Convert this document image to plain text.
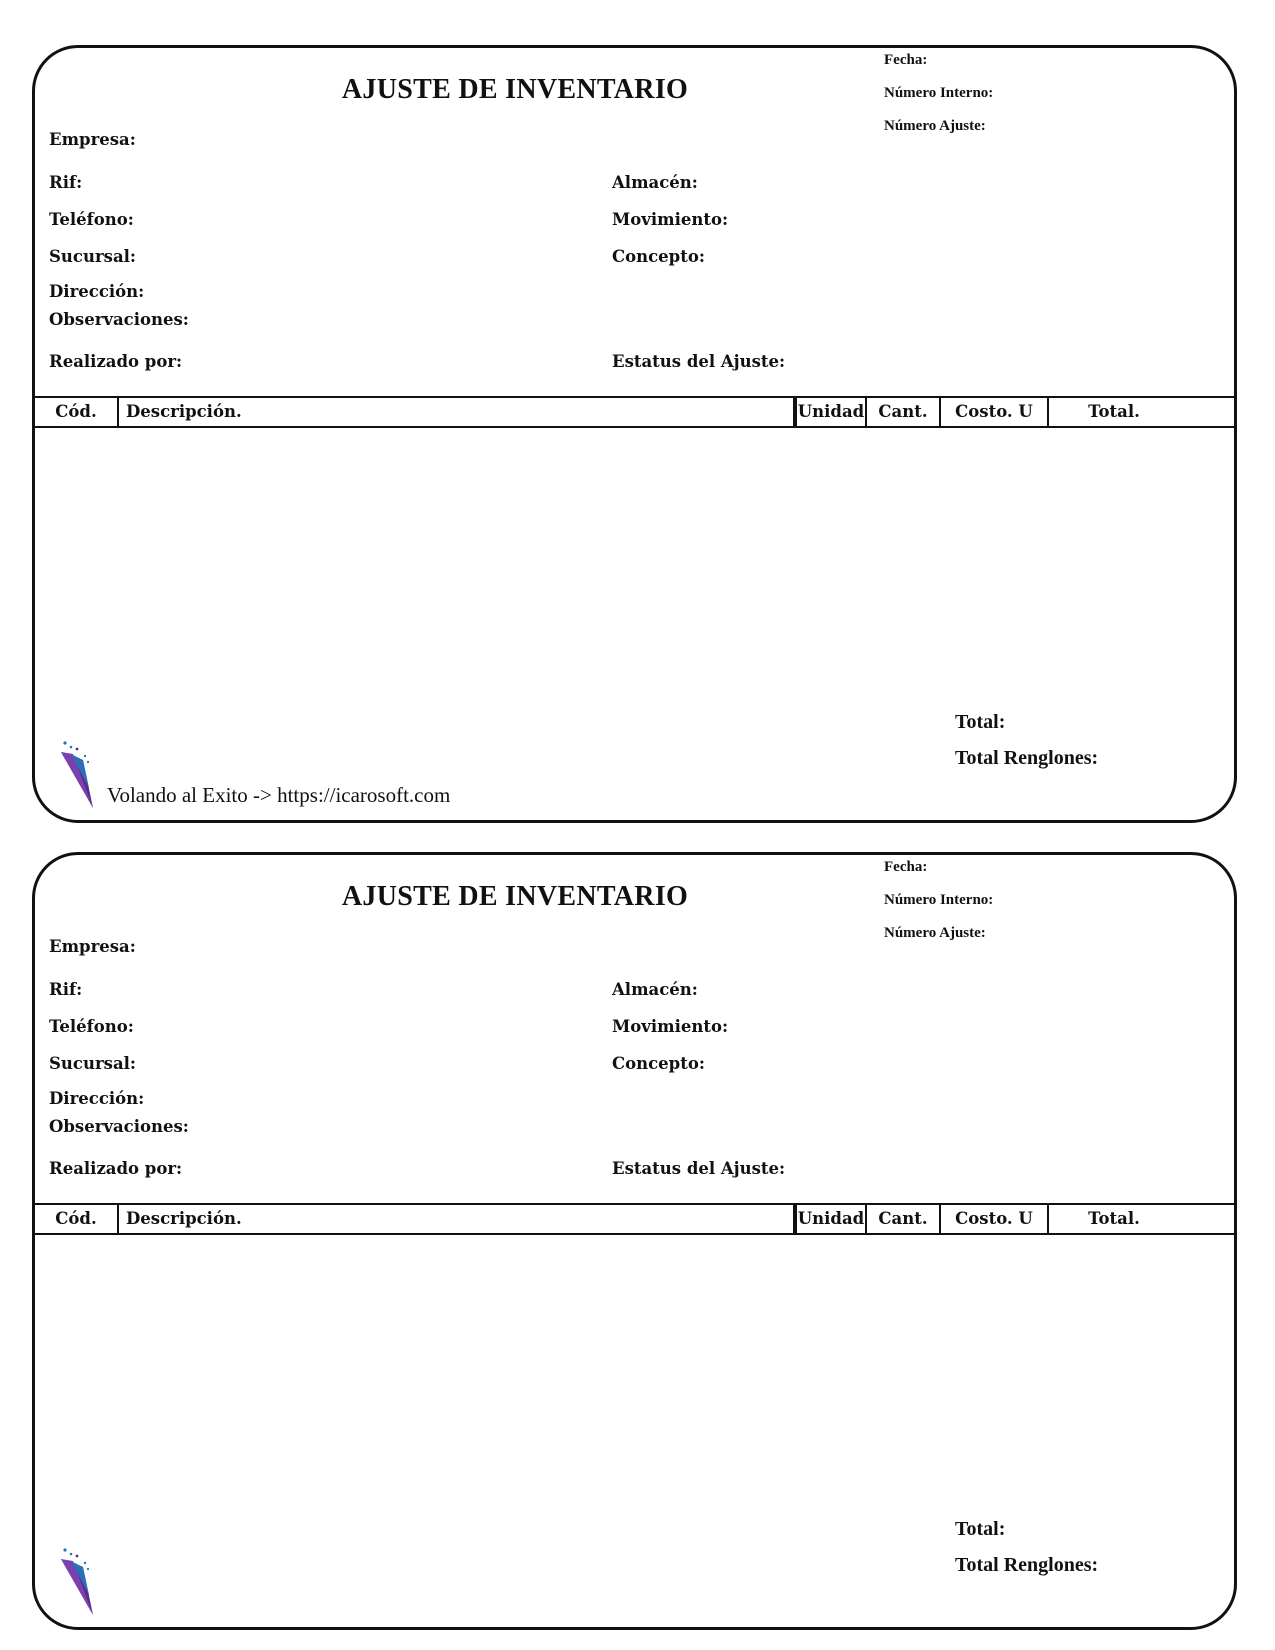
AJUSTE DE INVENTARIO
Fecha:
Número Interno:
Número Ajuste:
Empresa:
Rif:
Teléfono:
Sucursal:
Dirección:
Observaciones:
Realizado por:
Almacén:
Movimiento:
Concepto:
Estatus del Ajuste:
Cód.	Descripción.	Unidad Cant.	Costo. U	Total.
Volando al Exito -> https://icarosoft.com
Total:
Total Renglones:
AJUSTE DE INVENTARIO
Fecha:
Número Interno:
Número Ajuste:
Empresa:
Rif:
Teléfono:
Sucursal:
Dirección:
Observaciones:
Realizado por:
Almacén:
Movimiento:
Concepto:
Estatus del Ajuste:
Cód.	Descripción.	Unidad Cant.	Costo. U	Total.
Total:
Total Renglones:
